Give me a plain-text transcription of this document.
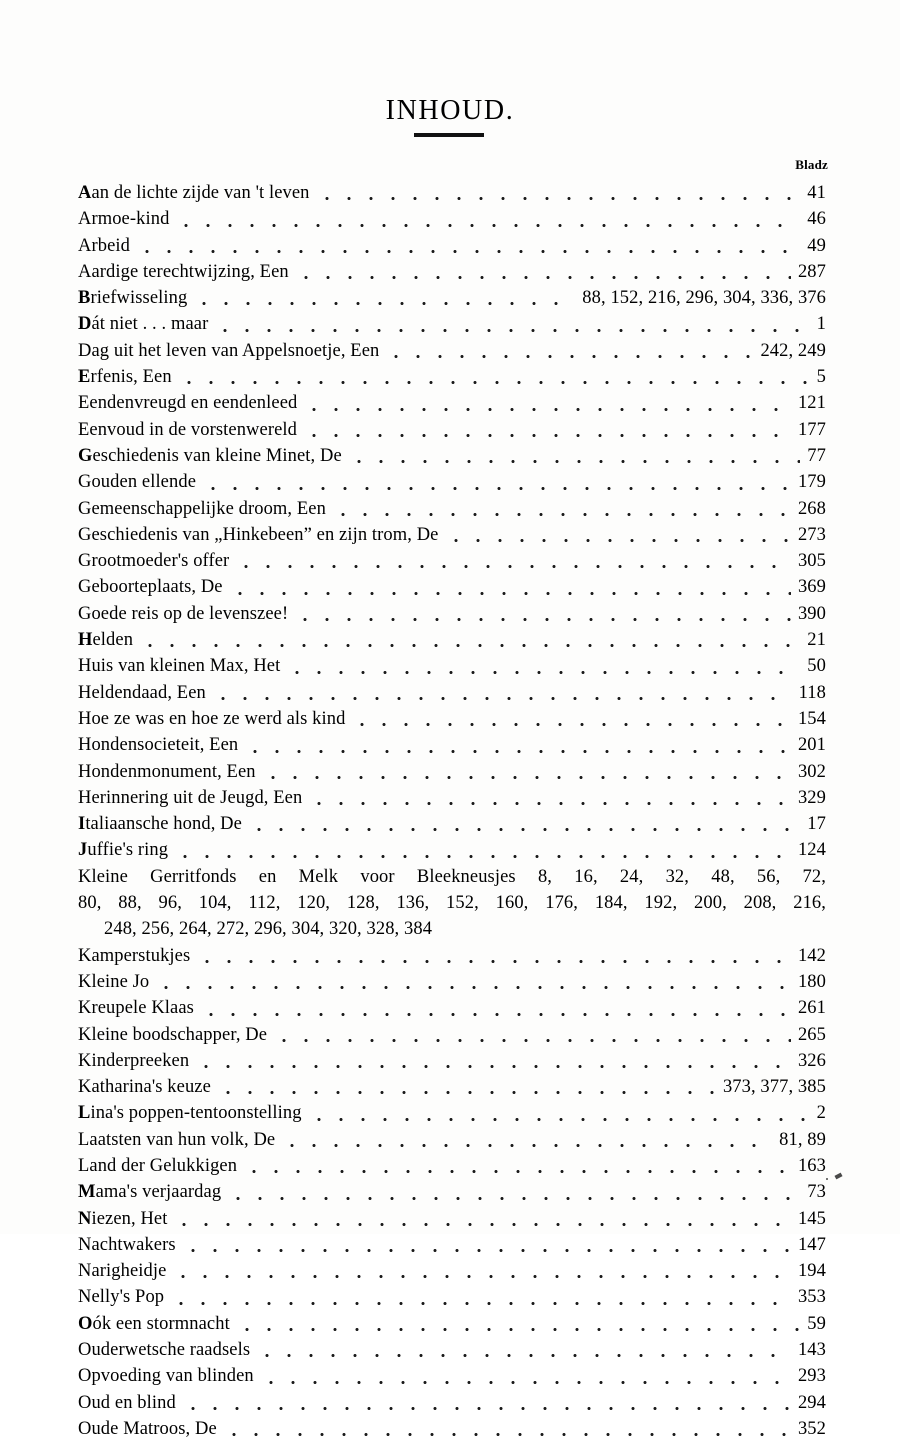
INHOUD.
Bladz
Aan de lichte zijde van 't leven	41
Armoe-kind	46
Arbeid	49
Aardige terechtwijzing, Een	287
Briefwisseling	88, 152, 216, 296, 304, 336, 376
Dát niet . . . maar	1
Dag uit het leven van Appelsnoetje, Een	242, 249
Erfenis, Een	5
Eendenvreugd en eendenleed	121
Eenvoud in de vorstenwereld	177
Geschiedenis van kleine Minet, De	77
Gouden ellende	179
Gemeenschappelijke droom, Een	268
Geschiedenis van „Hinkebeen” en zijn trom, De	273
Grootmoeder's offer	305
Geboorteplaats, De	369
Goede reis op de levenszee!	390
Helden	21
Huis van kleinen Max, Het	50
Heldendaad, Een	118
Hoe ze was en hoe ze werd als kind	154
Hondensocieteit, Een	201
Hondenmonument, Een	302
Herinnering uit de Jeugd, Een	329
Italiaansche hond, De	17
Juffie's ring	124
Kleine Gerritfonds en Melk voor Bleekneusjes 8, 16, 24, 32, 48, 56, 72,
80, 88, 96, 104, 112, 120, 128, 136, 152, 160, 176, 184, 192, 200, 208, 216,
248, 256, 264, 272, 296, 304, 320, 328, 384
Kamperstukjes	142
Kleine Jo	180
Kreupele Klaas	261
Kleine boodschapper, De	265
Kinderpreeken	326
Katharina's keuze	373, 377, 385
Lina's poppen-tentoonstelling	2
Laatsten van hun volk, De	81, 89
Land der Gelukkigen	163
Mama's verjaardag	73
Niezen, Het	145
Nachtwakers	147
Narigheidje	194
Nelly's Pop	353
Oók een stormnacht	59
Ouderwetsche raadsels	143
Opvoeding van blinden	293
Oud en blind	294
Oude Matroos, De	352
